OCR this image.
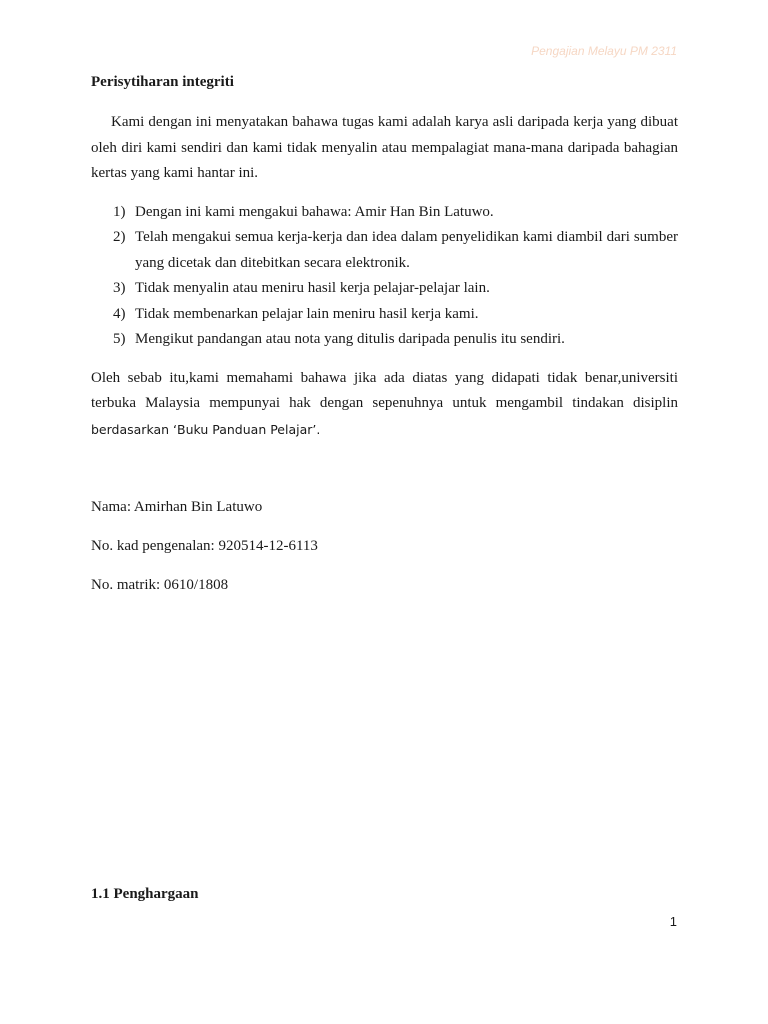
Pengajian Melayu PM 2311
Perisytiharan integriti

Kami dengan ini menyatakan bahawa tugas kami adalah karya asli daripada kerja yang dibuat oleh diri kami sendiri dan kami tidak menyalin atau mempalagiat mana-mana daripada bahagian kertas yang kami hantar ini.

1) Dengan ini kami mengakui bahawa: Amir Han Bin Latuwo.
2) Telah mengakui semua kerja-kerja dan idea dalam penyelidikan kami diambil dari sumber yang dicetak dan ditebitkan secara elektronik.
3) Tidak menyalin atau meniru hasil kerja pelajar-pelajar lain.
4) Tidak membenarkan pelajar lain meniru hasil kerja kami.
5) Mengikut pandangan atau nota yang ditulis daripada penulis itu sendiri.

Oleh sebab itu,kami memahami bahawa jika ada diatas yang didapati tidak benar,universiti terbuka Malaysia mempunyai hak dengan sepenuhnya untuk mengambil tindakan disiplin berdasarkan ‘Buku Panduan Pelajar’.

Nama: Amirhan Bin Latuwo

No. kad pengenalan: 920514-12-6113

No. matrik: 0610/1808

1.1 Penghargaan
1
